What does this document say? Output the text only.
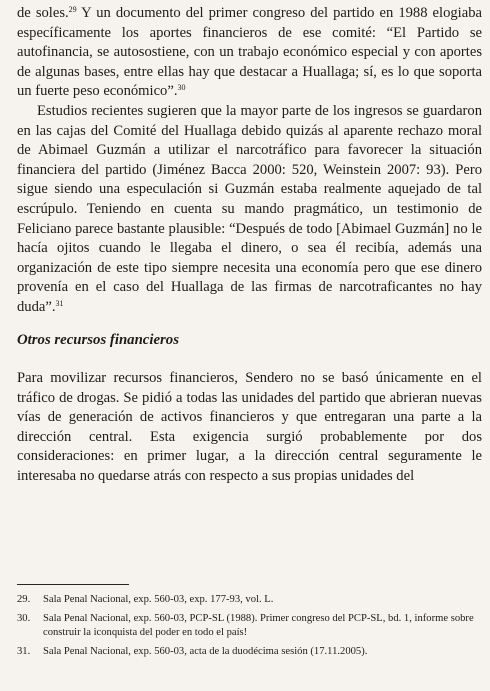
de soles.$^{29}$ Y un documento del primer congreso del partido en 1988 elogiaba específicamente los aportes financieros de ese comité: “El Partido se autofinancia, se autosostiene, con un trabajo económico especial y con aportes de algunas bases, entre ellas hay que destacar a Huallaga; sí, es lo que soporta un fuerte peso económico”.$^{30}$

Estudios recientes sugieren que la mayor parte de los ingresos se guardaron en las cajas del Comité del Huallaga debido quizás al aparente rechazo moral de Abimael Guzmán a utilizar el narcotráfico para favorecer la situación financiera del partido (Jiménez Bacca 2000: 520, Weinstein 2007: 93). Pero sigue siendo una especulación si Guzmán estaba realmente aquejado de tal escrúpulo. Teniendo en cuenta su mando pragmático, un testimonio de Feliciano parece bastante plausible: “Después de todo [Abimael Guzmán] no le hacía ojitos cuando le llegaba el dinero, o sea él recibía, además una organización de este tipo siempre necesita una economía pero que ese dinero provenía en el caso del Huallaga de las firmas de narcotraficantes no hay duda”.$^{31}$

Otros recursos financieros
Para movilizar recursos financieros, Sendero no se basó únicamente en el tráfico de drogas. Se pidió a todas las unidades del partido que abrieran nuevas vías de generación de activos financieros y que entregaran una parte a la dirección central. Esta exigencia surgió probablemente por dos consideraciones: en primer lugar, a la dirección central seguramente le interesaba no quedarse atrás con respecto a sus propias unidades del
29.	Sala Penal Nacional, exp. 560-03, exp. 177-93, vol. L.
30.	Sala Penal Nacional, exp. 560-03, PCP-SL (1988). Primer congreso del PCP-SL, bd. 1, informe sobre construir la iconquista del poder en todo el país!
31.	Sala Penal Nacional, exp. 560-03, acta de la duodécima sesión (17.11.2005).
